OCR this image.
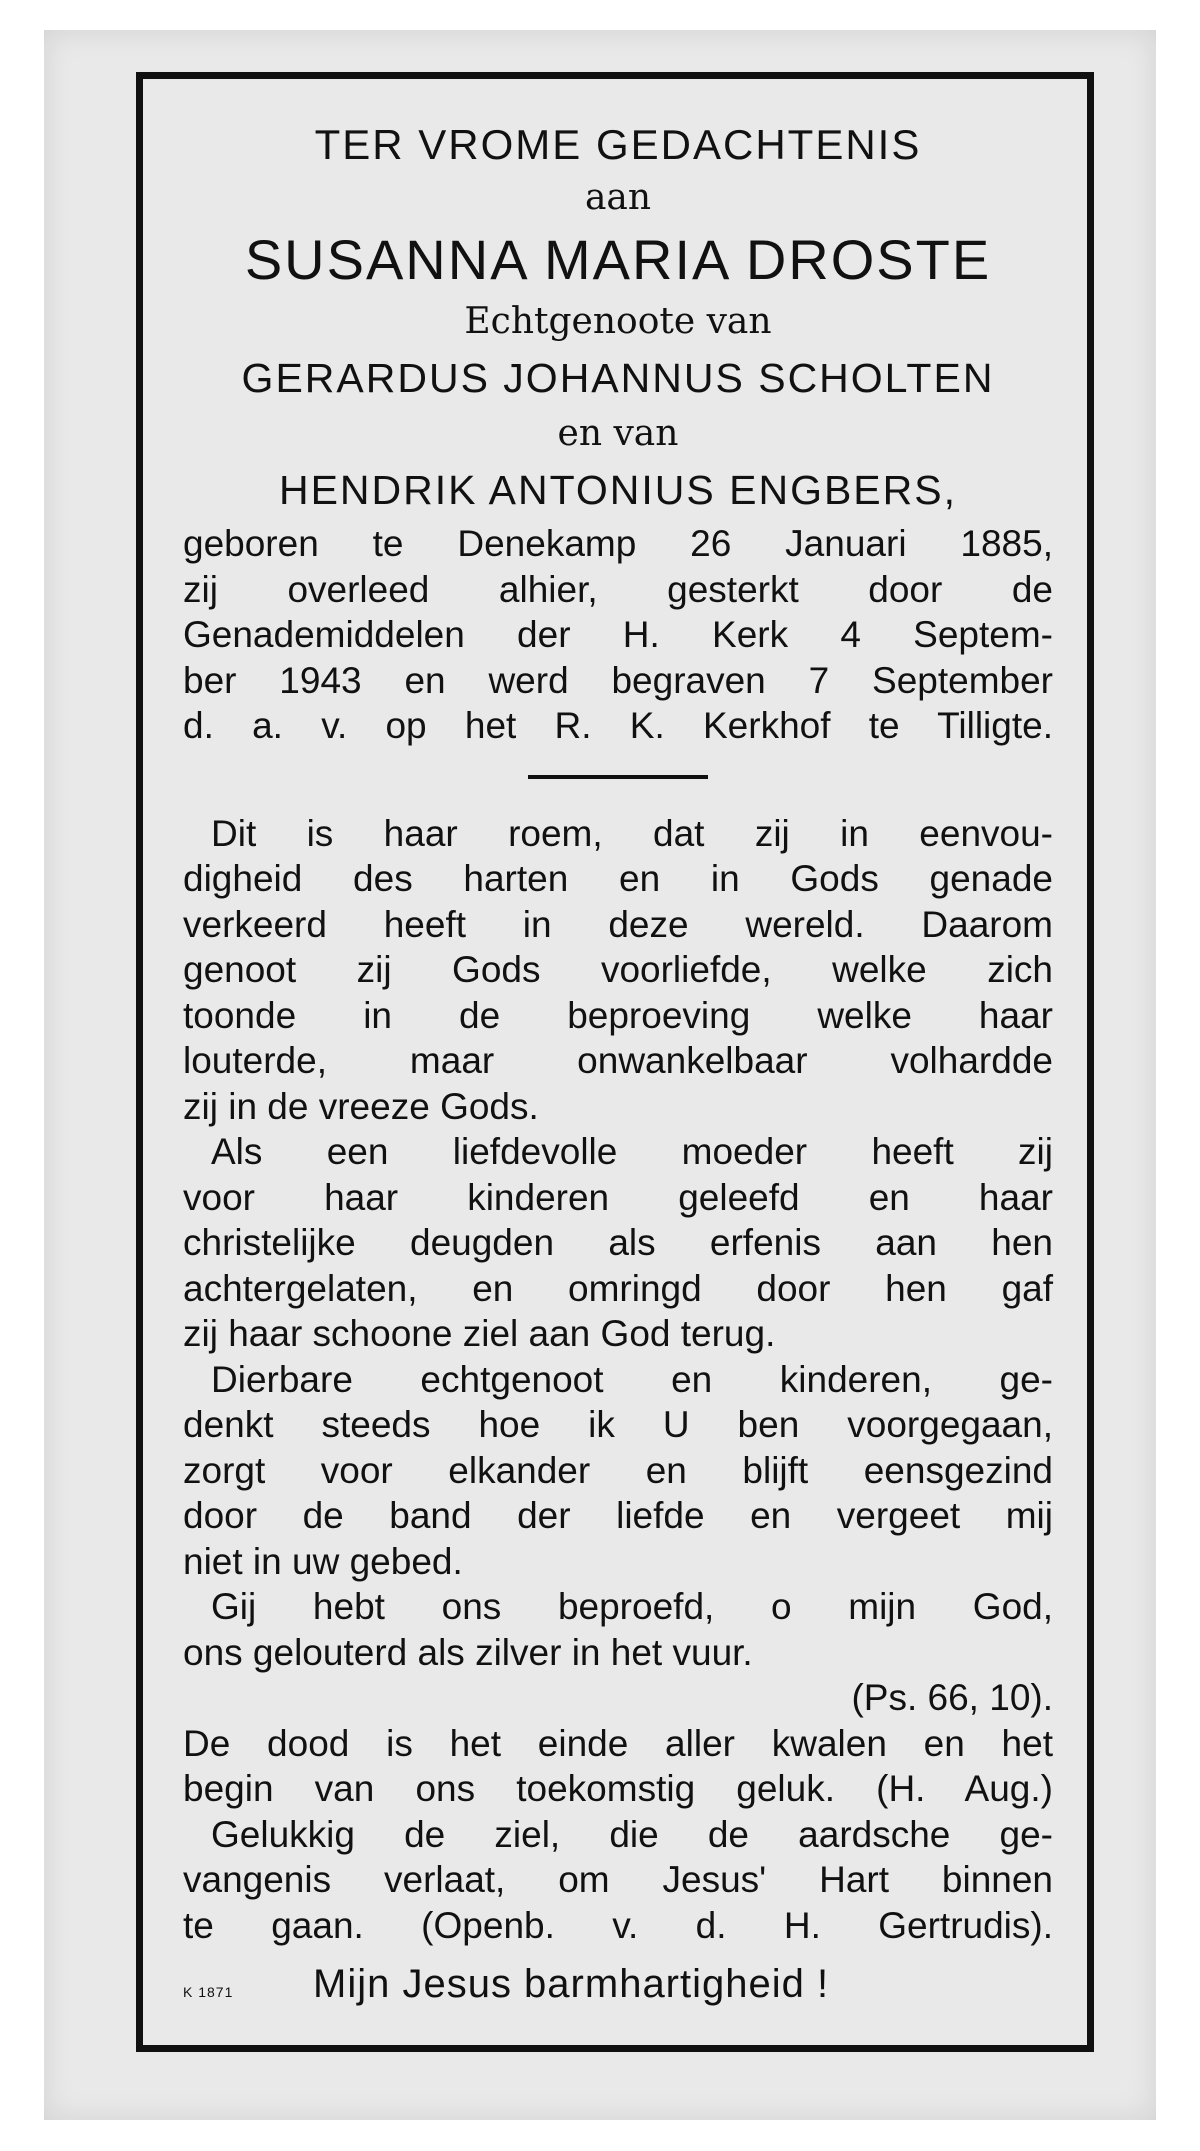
TER VROME GEDACHTENIS
aan
SUSANNA MARIA DROSTE
Echtgenoote van
GERARDUS JOHANNUS SCHOLTEN
en van
HENDRIK ANTONIUS ENGBERS,
geboren te Denekamp 26 Januari 1885,
zij overleed alhier, gesterkt door de
Genademiddelen der H. Kerk 4 Septem-
ber 1943 en werd begraven 7 September
d. a. v. op het R. K. Kerkhof te Tilligte.
Dit is haar roem, dat zij in eenvou-
digheid des harten en in Gods genade
verkeerd heeft in deze wereld. Daarom
genoot zij Gods voorliefde, welke zich
toonde in de beproeving welke haar
louterde, maar onwankelbaar volhardde
zij in de vreeze Gods.
Als een liefdevolle moeder heeft zij
voor haar kinderen geleefd en haar
christelijke deugden als erfenis aan hen
achtergelaten, en omringd door hen gaf
zij haar schoone ziel aan God terug.
Dierbare echtgenoot en kinderen, ge-
denkt steeds hoe ik U ben voorgegaan,
zorgt voor elkander en blijft eensgezind
door de band der liefde en vergeet mij
niet in uw gebed.
Gij hebt ons beproefd, o mijn God,
ons gelouterd als zilver in het vuur.
(Ps. 66, 10).
De dood is het einde aller kwalen en het
begin van ons toekomstig geluk. (H. Aug.)
Gelukkig de ziel, die de aardsche ge-
vangenis verlaat, om Jesus' Hart binnen
te gaan. (Openb. v. d. H. Gertrudis).
K 1871	Mijn Jesus barmhartigheid !
